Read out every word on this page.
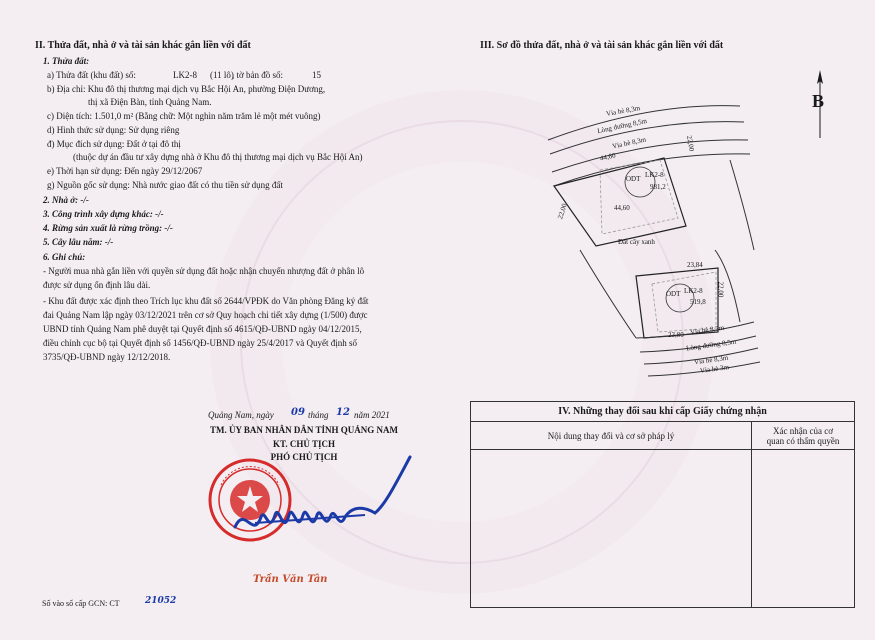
II. Thửa đất, nhà ở và tài sản khác gắn liền với đất
1. Thửa đất:
a) Thửa đất (khu đất) số:	LK2-8 (11 lô)
, tờ bản đồ số:	15
b) Địa chỉ: Khu đô thị thương mại dịch vụ Bắc Hội An, phường Điện Dương,
thị xã Điện Bàn, tỉnh Quảng Nam.
c) Diện tích: 1.501,0 m² (Bằng chữ: Một nghìn năm trăm lẻ một mét vuông)
d) Hình thức sử dụng: Sử dụng riêng
đ) Mục đích sử dụng: Đất ở tại đô thị
(thuộc dự án đầu tư xây dựng nhà ở Khu đô thị thương mại dịch vụ Bắc Hội An)
e) Thời hạn sử dụng: Đến ngày 29/12/2067
g) Nguồn gốc sử dụng: Nhà nước giao đất có thu tiền sử dụng đất
2. Nhà ở: -/-
3. Công trình xây dựng khác: -/-
4. Rừng sản xuất là rừng trồng: -/-
5. Cây lâu năm: -/-
6. Ghi chú:
- Người mua nhà gắn liền với quyền sử dụng đất hoặc nhận chuyển nhượng đất ở phân lô
được sử dụng ổn định lâu dài.
- Khu đất được xác định theo Trích lục khu đất số 2644/VPĐK do Văn phòng Đăng ký đất
đai Quảng Nam lập ngày 03/12/2021 trên cơ sở Quy hoạch chi tiết xây dựng (1/500) được
UBND tỉnh Quảng Nam phê duyệt tại Quyết định số 4615/QĐ-UBND ngày 04/12/2015,
điều chỉnh cục bộ tại Quyết định số 1456/QĐ-UBND ngày 25/4/2017 và Quyết định số
3735/QĐ-UBND ngày 12/12/2018.
Quảng Nam, ngày 09 tháng 12 năm 2021
TM. ỦY BAN NHÂN DÂN TỈNH QUẢNG NAM
KT. CHỦ TỊCH
PHÓ CHỦ TỊCH
Trần Văn Tân
Số vào sổ cấp GCN: CT	21052
III. Sơ đồ thửa đất, nhà ở và tài sản khác gắn liền với đất
B
Vỉa hè 8,3m
Lòng đường 8,5m
Vỉa hè 8,3m
44,60
22,00
22,00	44,60
ODT LK2-8
981,2
Đất cây xanh
23,84
22,00
ODT LK2-8
519,8
23,80 Vỉa hè 8,3m
Lòng đường 8,5m
Vỉa hè 8,3m
Vỉa hè 3m
IV. Những thay đổi sau khi cấp Giấy chứng nhận	
Nội dung thay đổi và cơ sở pháp lý	Xác nhận của cơ
quan có thẩm quyền
